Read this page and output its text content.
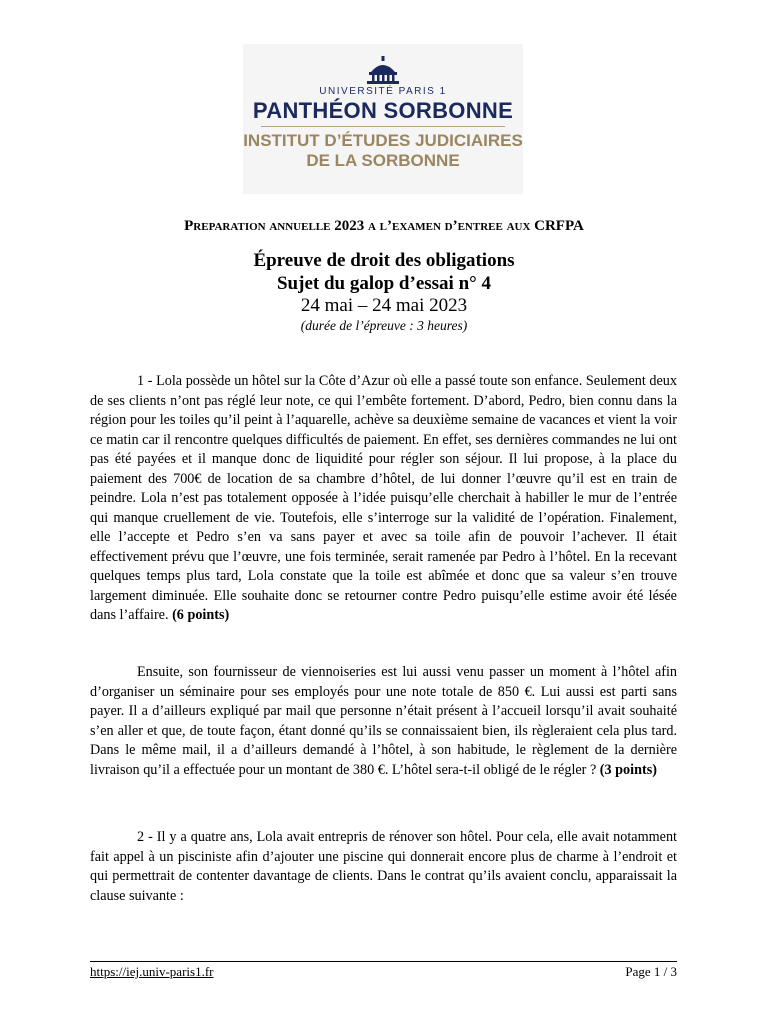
UNIVERSITÉ PARIS 1
PANTHÉON SORBONNE
INSTITUT D’ÉTUDES JUDICIAIRES
DE LA SORBONNE
Preparation annuelle 2023 a l’examen d’entree aux CRFPA
Épreuve de droit des obligations
Sujet du galop d’essai n° 4
24 mai – 24 mai 2023
(durée de l’épreuve : 3 heures)

1 - Lola possède un hôtel sur la Côte d’Azur où elle a passé toute son enfance. Seulement deux de ses clients n’ont pas réglé leur note, ce qui l’embête fortement. D’abord, Pedro, bien connu dans la région pour les toiles qu’il peint à l’aquarelle, achève sa deuxième semaine de vacances et vient la voir ce matin car il rencontre quelques difficultés de paiement. En effet, ses dernières commandes ne lui ont pas été payées et il manque donc de liquidité pour régler son séjour. Il lui propose, à la place du paiement des 700€ de location de sa chambre d’hôtel, de lui donner l’œuvre qu’il est en train de peindre. Lola n’est pas totalement opposée à l’idée puisqu’elle cherchait à habiller le mur de l’entrée qui manque cruellement de vie. Toutefois, elle s’interroge sur la validité de l’opération. Finalement, elle l’accepte et Pedro s’en va sans payer et avec sa toile afin de pouvoir l’achever. Il était effectivement prévu que l’œuvre, une fois terminée, serait ramenée par Pedro à l’hôtel. En la recevant quelques temps plus tard, Lola constate que la toile est abîmée et donc que sa valeur s’en trouve largement diminuée. Elle souhaite donc se retourner contre Pedro puisqu’elle estime avoir été lésée dans l’affaire. (6 points)

Ensuite, son fournisseur de viennoiseries est lui aussi venu passer un moment à l’hôtel afin d’organiser un séminaire pour ses employés pour une note totale de 850 €. Lui aussi est parti sans payer. Il a d’ailleurs expliqué par mail que personne n’était présent à l’accueil lorsqu’il avait souhaité s’en aller et que, de toute façon, étant donné qu’ils se connaissaient bien, ils règleraient cela plus tard. Dans le même mail, il a d’ailleurs demandé à l’hôtel, à son habitude, le règlement de la dernière livraison qu’il a effectuée pour un montant de 380 €. L’hôtel sera-t-il obligé de le régler ? (3 points)

2 - Il y a quatre ans, Lola avait entrepris de rénover son hôtel. Pour cela, elle avait notamment fait appel à un pisciniste afin d’ajouter une piscine qui donnerait encore plus de charme à l’endroit et qui permettrait de contenter davantage de clients. Dans le contrat qu’ils avaient conclu, apparaissait la clause suivante :

https://iej.univ-paris1.fr	Page 1 / 3
